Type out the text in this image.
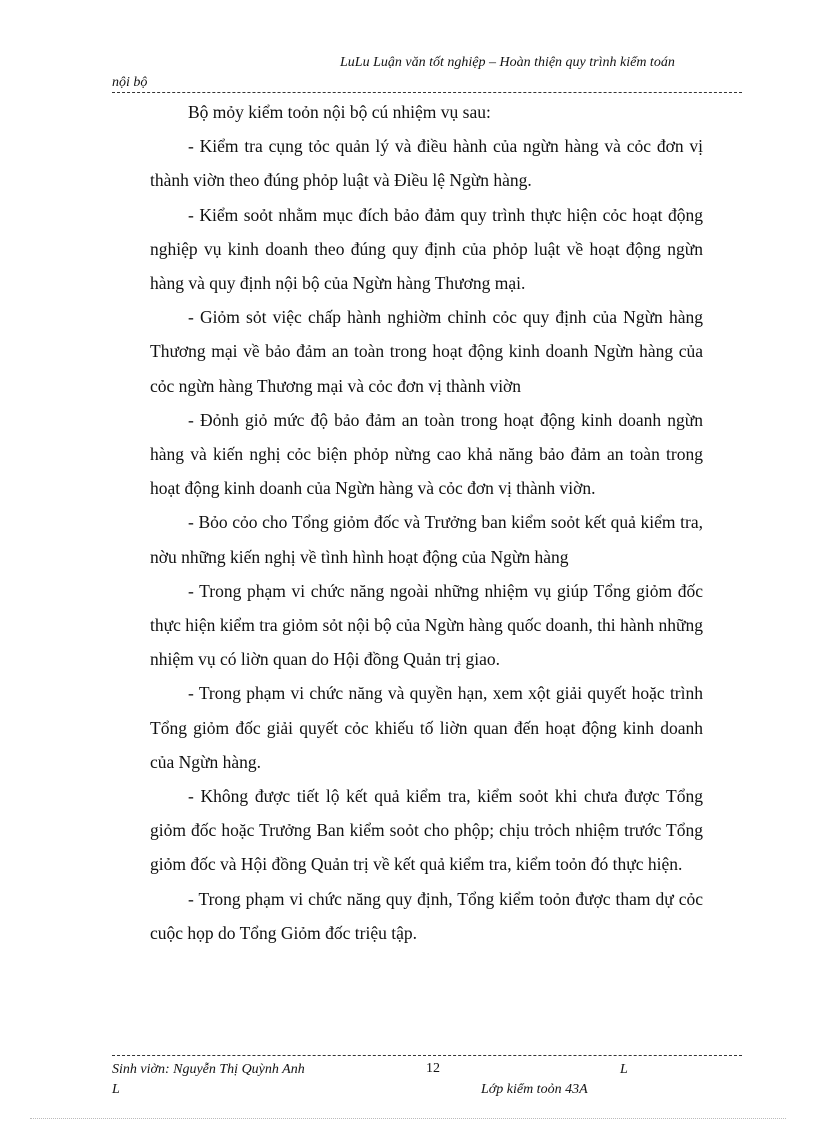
LuLu Luận văn tốt nghiệp – Hoàn thiện quy trình kiểm toán
nội bộ

Bộ mỏy kiểm toỏn nội bộ cú nhiệm vụ sau:

- Kiểm tra cụng tỏc quản lý và điều hành của ngừn hàng và cỏc đơn vị thành viờn theo đúng phỏp luật và Điều lệ Ngừn hàng.

- Kiểm soỏt nhằm mục đích bảo đảm quy trình thực hiện cỏc hoạt động nghiệp vụ kinh doanh theo đúng quy định của phỏp luật về hoạt động ngừn hàng và quy định nội bộ của Ngừn hàng Thương mại.

- Giỏm sỏt việc chấp hành nghiờm chỉnh cỏc quy định của Ngừn hàng Thương mại về bảo đảm an toàn trong hoạt động kinh doanh Ngừn hàng của cỏc ngừn hàng Thương mại và cỏc đơn vị thành viờn

- Đỏnh giỏ mức độ bảo đảm an toàn trong hoạt động kinh doanh ngừn hàng và kiến nghị cỏc biện phỏp nừng cao khả năng bảo đảm an toàn trong hoạt động kinh doanh của Ngừn hàng và cỏc đơn vị thành viờn.

- Bỏo cỏo cho Tổng giỏm đốc và Trưởng ban kiểm soỏt kết quả kiểm tra, nờu những kiến nghị về tình hình hoạt động của Ngừn hàng

- Trong phạm vi chức năng ngoài những nhiệm vụ giúp Tổng giỏm đốc thực hiện kiểm tra giỏm sỏt nội bộ của Ngừn hàng quốc doanh, thi hành những nhiệm vụ có liờn quan do Hội đồng Quản trị giao.

- Trong phạm vi chức năng và quyền hạn, xem xột giải quyết hoặc trình Tổng giỏm đốc giải quyết cỏc khiếu tố liờn quan đến hoạt động kinh doanh của Ngừn hàng.

- Không được tiết lộ kết quả kiểm tra, kiểm soỏt khi chưa được Tổng giỏm đốc hoặc Trưởng Ban kiểm soỏt cho phộp; chịu trỏch nhiệm trước Tổng giỏm đốc và Hội đồng Quản trị về kết quả kiểm tra, kiểm toỏn đó thực hiện.

- Trong phạm vi chức năng quy định, Tổng kiểm toỏn được tham dự cỏc cuộc họp do Tổng Giỏm đốc triệu tập.

Sinh viờn: Nguyễn Thị Quỳnh Anh	12	L
L	Lớp kiểm toỏn 43A
